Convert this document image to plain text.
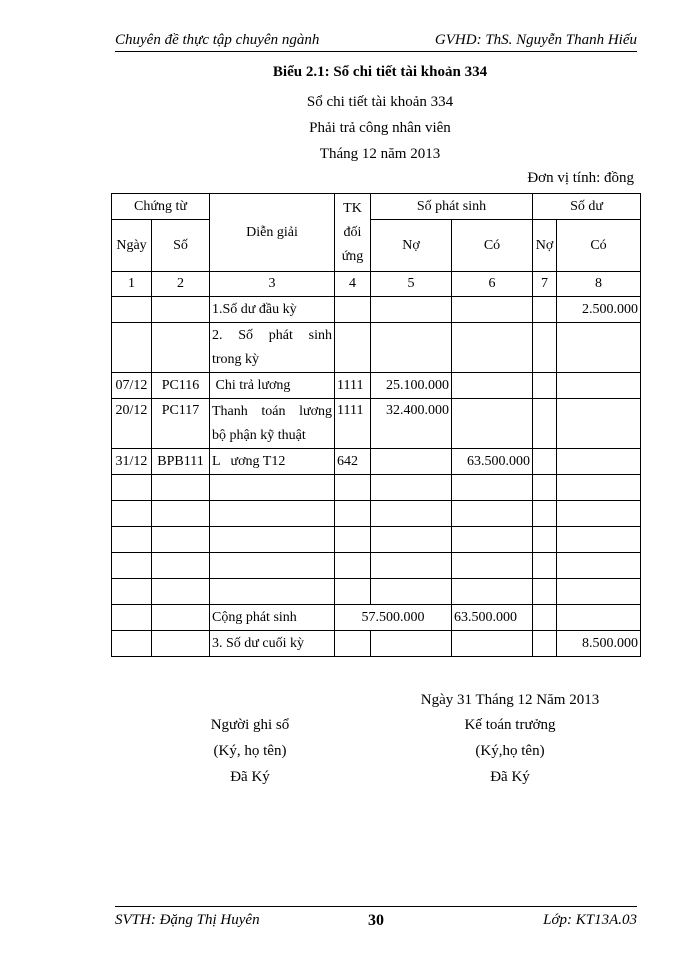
Chuyên đề thực tập chuyên ngành	GVHD: ThS. Nguyễn Thanh Hiếu
Biểu 2.1: Sổ chi tiết tài khoản 334
Sổ chi tiết tài khoản 334
Phải trả công nhân viên
Tháng 12 năm 2013
Đơn vị tính: đồng
Chứng từ		Diễn giải	TK đối ứng	Số phát sinh		Số dư	
Ngày	Số			Nợ	Có	Nợ	Có

1	2	3	4	5	6	7	8
		1.Số dư đầu kỳ					2.500.000

		2. Số phát sinh
trong kỳ					

07/12	PC116	Chi trả lương	1111	25.100.000			
20/12	PC117	Thanh toán lương
bộ phận kỹ thuật	1111	32.400.000			
31/12	BPB111	L   ương T12	642		63.500.000		

		Cộng phát sinh	57.500.000		63.500.000		
		3. Số dư cuối kỳ					8.500.000
Ngày 31 Tháng 12 Năm 2013
Người ghi sổ	Kế toán trưởng
(Ký, họ tên)	(Ký,họ tên)
Đã Ký	Đã Ký
SVTH: Đặng Thị Huyên	30	Lớp: KT13A.03
